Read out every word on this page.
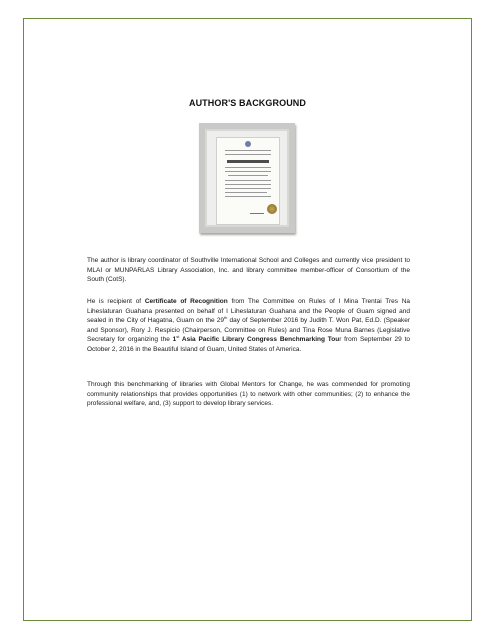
AUTHOR'S BACKGROUND

The author is library coordinator of Southville International School and Colleges and currently vice president to MLAI or MUNPARLAS Library Association, Inc. and library committee member-officer of Consortium of the South (CotS).

He is recipient of Certificate of Recognition from The Committee on Rules of I Mina Trentai Tres Na Liheslaturan Guahana presented on behalf of I Liheslaturan Guahana and the People of Guam signed and sealed in the City of Hagatna, Guam on the 29th day of September 2016 by Judith T. Won Pat, Ed.D. (Speaker and Sponsor), Rory J. Respicio (Chairperson, Committee on Rules) and Tina Rose Muna Barnes (Legislative Secretary for organizing the 1st Asia Pacific Library Congress Benchmarking Tour from September 29 to October 2, 2016 in the Beautiful Island of Guam, United States of America.

Through this benchmarking of libraries with Global Mentors for Change, he was commended for promoting community relationships that provides opportunities (1) to network with other communities; (2) to enhance the professional welfare, and, (3) support to develop library services.
